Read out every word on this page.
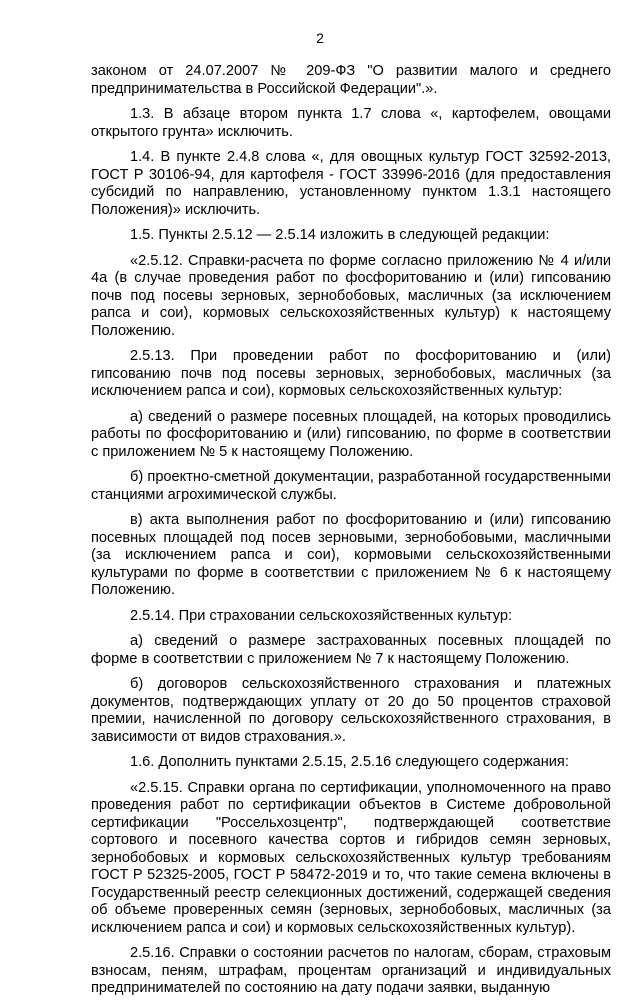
2

законом от 24.07.2007 № 209-ФЗ "О развитии малого и среднего предпринимательства в Российской Федерации".».

1.3. В абзаце втором пункта 1.7 слова «, картофелем, овощами открытого грунта» исключить.

1.4. В пункте 2.4.8 слова «, для овощных культур ГОСТ 32592-2013, ГОСТ Р 30106-94, для картофеля - ГОСТ 33996-2016 (для предоставления субсидий по направлению, установленному пунктом 1.3.1 настоящего Положения)» исключить.

1.5. Пункты 2.5.12 — 2.5.14 изложить в следующей редакции:

«2.5.12. Справки-расчета по форме согласно приложению № 4 и/или 4а (в случае проведения работ по фосфоритованию и (или) гипсованию почв под посевы зерновых, зернобобовых, масличных (за исключением рапса и сои), кормовых сельскохозяйственных культур) к настоящему Положению.

2.5.13. При проведении работ по фосфоритованию и (или) гипсованию почв под посевы зерновых, зернобобовых, масличных (за исключением рапса и сои), кормовых сельскохозяйственных культур:

а) сведений о размере посевных площадей, на которых проводились работы по фосфоритованию и (или) гипсованию, по форме в соответствии с приложением № 5 к настоящему Положению.

б) проектно-сметной документации, разработанной государственными станциями агрохимической службы.

в) акта выполнения работ по фосфоритованию и (или) гипсованию посевных площадей под посев зерновыми, зернобобовыми, масличными (за исключением рапса и сои), кормовыми сельскохозяйственными культурами по форме в соответствии с приложением № 6 к настоящему Положению.

2.5.14. При страховании сельскохозяйственных культур:

а) сведений о размере застрахованных посевных площадей по форме в соответствии с приложением № 7 к настоящему Положению.

б) договоров сельскохозяйственного страхования и платежных документов, подтверждающих уплату от 20 до 50 процентов страховой премии, начисленной по договору сельскохозяйственного страхования, в зависимости от видов страхования.».

1.6. Дополнить пунктами 2.5.15, 2.5.16 следующего содержания:

«2.5.15. Справки органа по сертификации, уполномоченного на право проведения работ по сертификации объектов в Системе добровольной сертификации "Россельхозцентр", подтверждающей соответствие сортового и посевного качества сортов и гибридов семян зерновых, зернобобовых и кормовых сельскохозяйственных культур требованиям ГОСТ Р 52325-2005, ГОСТ Р 58472-2019 и то, что такие семена включены в Государственный реестр селекционных достижений, содержащей сведения об объеме проверенных семян (зерновых, зернобобовых, масличных (за исключением рапса и сои) и кормовых сельскохозяйственных культур).

2.5.16. Справки о состоянии расчетов по налогам, сборам, страховым взносам, пеням, штрафам, процентам организаций и индивидуальных предпринимателей по состоянию на дату подачи заявки, выданную
